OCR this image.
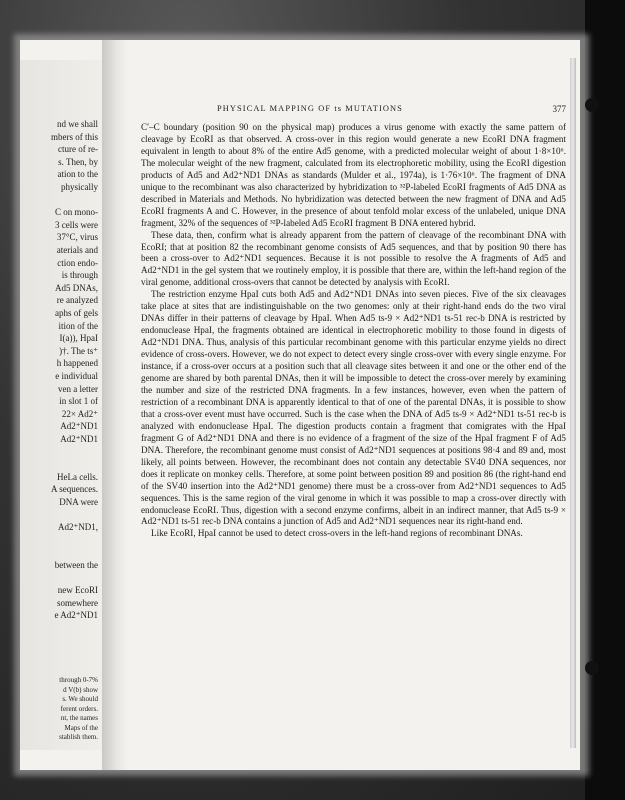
nd we shall
mbers of this
cture of re-
s. Then, by
ation to the
physically
C on mono-
3 cells were
37°C, virus
aterials and
ction endo-
is through
Ad5 DNAs,
re analyzed
aphs of gels
ition of the
I(a)), HpaI
)†. The ts⁺
h happened
e individual
ven a letter
in slot 1 of
22× Ad2⁺
Ad2⁺ND1
Ad2⁺ND1
HeLa cells.
A sequences.
DNA were
Ad2⁺ND1,
between the
new EcoRI
somewhere
e Ad2⁺ND1
through 0-7%
d V(b) show
s. We should
ferent orders.
nt, the names
Maps of the
stablish them.
PHYSICAL MAPPING OF ts MUTATIONS	377

C′–C boundary (position 90 on the physical map) produces a virus genome with exactly the same pattern of cleavage by EcoRI as that observed. A cross-over in this region would generate a new EcoRI DNA fragment equivalent in length to about 8% of the entire Ad5 genome, with a predicted molecular weight of about 1·8×10⁶. The molecular weight of the new fragment, calculated from its electrophoretic mobility, using the EcoRI digestion products of Ad5 and Ad2⁺ND1 DNAs as standards (Mulder et al., 1974a), is 1·76×10⁶. The fragment of DNA unique to the recombinant was also characterized by hybridization to ³²P-labeled EcoRI fragments of Ad5 DNA as described in Materials and Methods. No hybridization was detected between the new fragment of DNA and Ad5 EcoRI fragments A and C. However, in the presence of about tenfold molar excess of the unlabeled, unique DNA fragment, 32% of the sequences of ³²P-labeled Ad5 EcoRI fragment B DNA entered hybrid.

These data, then, confirm what is already apparent from the pattern of cleavage of the recombinant DNA with EcoRI; that at position 82 the recombinant genome consists of Ad5 sequences, and that by position 90 there has been a cross-over to Ad2⁺ND1 sequences. Because it is not possible to resolve the A fragments of Ad5 and Ad2⁺ND1 in the gel system that we routinely employ, it is possible that there are, within the left-hand region of the viral genome, additional cross-overs that cannot be detected by analysis with EcoRI.

The restriction enzyme HpaI cuts both Ad5 and Ad2⁺ND1 DNAs into seven pieces. Five of the six cleavages take place at sites that are indistinguishable on the two genomes: only at their right-hand ends do the two viral DNAs differ in their patterns of cleavage by HpaI. When Ad5 ts-9 × Ad2⁺ND1 ts-51 rec-b DNA is restricted by endonuclease HpaI, the fragments obtained are identical in electrophoretic mobility to those found in digests of Ad2⁺ND1 DNA. Thus, analysis of this particular recombinant genome with this particular enzyme yields no direct evidence of cross-overs. However, we do not expect to detect every single cross-over with every single enzyme. For instance, if a cross-over occurs at a position such that all cleavage sites between it and one or the other end of the genome are shared by both parental DNAs, then it will be impossible to detect the cross-over merely by examining the number and size of the restricted DNA fragments. In a few instances, however, even when the pattern of restriction of a recombinant DNA is apparently identical to that of one of the parental DNAs, it is possible to show that a cross-over event must have occurred. Such is the case when the DNA of Ad5 ts-9 × Ad2⁺ND1 ts-51 rec-b is analyzed with endonuclease HpaI. The digestion products contain a fragment that comigrates with the HpaI fragment G of Ad2⁺ND1 DNA and there is no evidence of a fragment of the size of the HpaI fragment F of Ad5 DNA. Therefore, the recombinant genome must consist of Ad2⁺ND1 sequences at positions 98·4 and 89 and, most likely, all points between. However, the recombinant does not contain any detectable SV40 DNA sequences, nor does it replicate on monkey cells. Therefore, at some point between position 89 and position 86 (the right-hand end of the SV40 insertion into the Ad2⁺ND1 genome) there must be a cross-over from Ad2⁺ND1 sequences to Ad5 sequences. This is the same region of the viral genome in which it was possible to map a cross-over directly with endonuclease EcoRI. Thus, digestion with a second enzyme confirms, albeit in an indirect manner, that Ad5 ts-9 × Ad2⁺ND1 ts-51 rec-b DNA contains a junction of Ad5 and Ad2⁺ND1 sequences near its right-hand end.

Like EcoRI, HpaI cannot be used to detect cross-overs in the left-hand regions of recombinant DNAs.
